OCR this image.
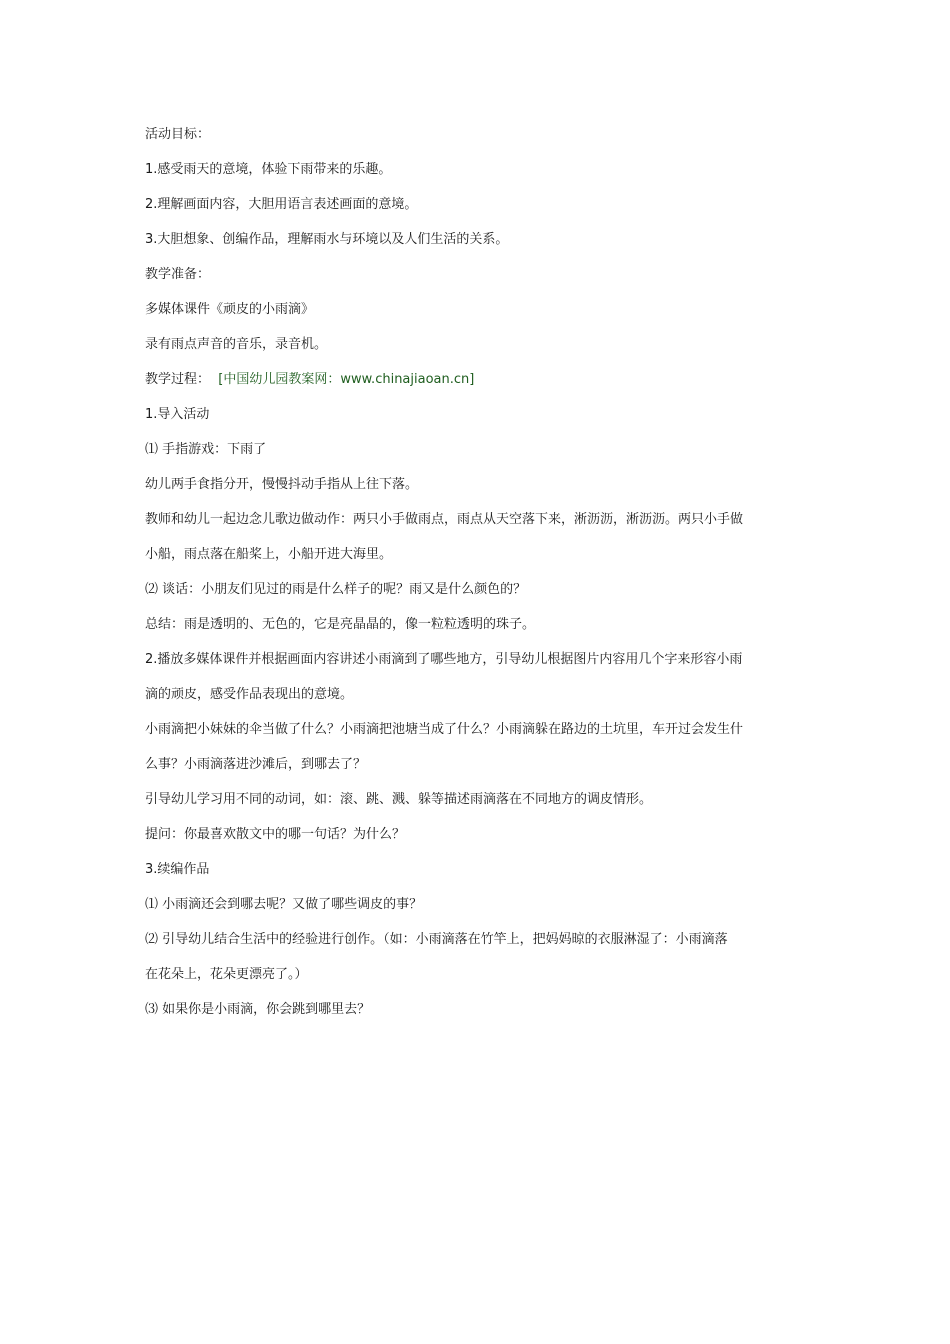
活动目标：
1.感受雨天的意境，体验下雨带来的乐趣。
2.理解画面内容，大胆用语言表述画面的意境。
3.大胆想象、创编作品，理解雨水与环境以及人们生活的关系。
教学准备：
多媒体课件《顽皮的小雨滴》
录有雨点声音的音乐，录音机。
教学过程： [中国幼儿园教案网：www.chinajiaoan.cn]
1.导入活动
⑴ 手指游戏：下雨了
幼儿两手食指分开，慢慢抖动手指从上往下落。
教师和幼儿一起边念儿歌边做动作：两只小手做雨点，雨点从天空落下来，淅沥沥，淅沥沥。两只小手做
小船，雨点落在船桨上，小船开进大海里。
⑵ 谈话：小朋友们见过的雨是什么样子的呢？雨又是什么颜色的？
总结：雨是透明的、无色的，它是亮晶晶的，像一粒粒透明的珠子。
2.播放多媒体课件并根据画面内容讲述小雨滴到了哪些地方，引导幼儿根据图片内容用几个字来形容小雨
滴的顽皮，感受作品表现出的意境。
小雨滴把小妹妹的伞当做了什么？小雨滴把池塘当成了什么？小雨滴躲在路边的土坑里，车开过会发生什
么事？小雨滴落进沙滩后，到哪去了？
引导幼儿学习用不同的动词，如：滚、跳、溅、躲等描述雨滴落在不同地方的调皮情形。
提问：你最喜欢散文中的哪一句话？为什么？
3.续编作品
⑴ 小雨滴还会到哪去呢？又做了哪些调皮的事？
⑵ 引导幼儿结合生活中的经验进行创作。（如：小雨滴落在竹竿上，把妈妈晾的衣服淋湿了：小雨滴落
在花朵上，花朵更漂亮了。）
⑶ 如果你是小雨滴，你会跳到哪里去？
